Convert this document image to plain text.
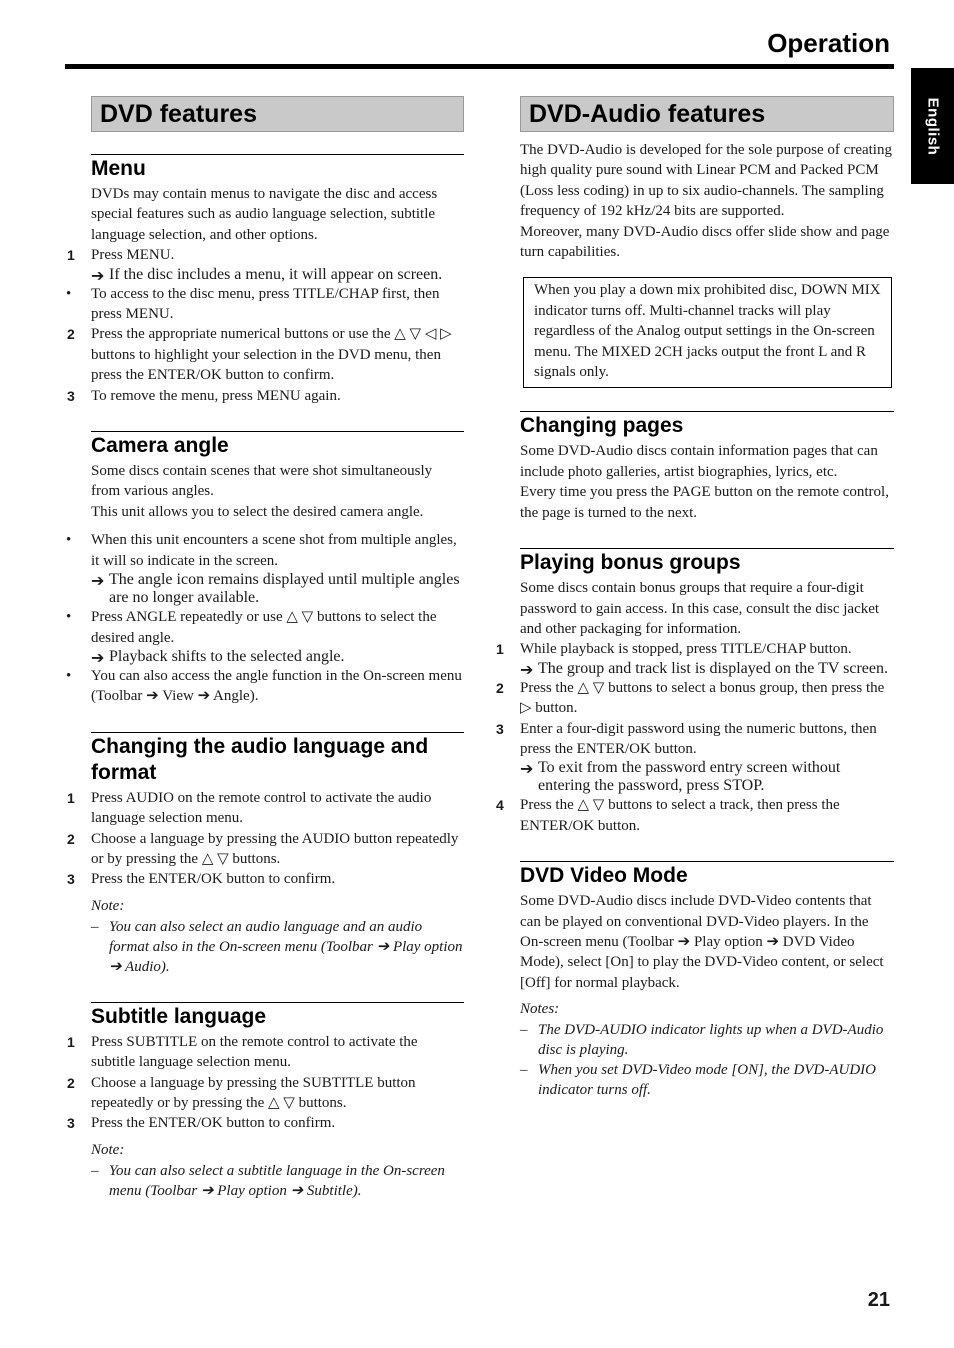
Operation
English
DVD features
Menu

DVDs may contain menus to navigate the disc and access special features such as audio language selection, subtitle language selection, and other options.

1 Press MENU.
➔ If the disc includes a menu, it will appear on screen.
• To access to the disc menu, press TITLE/CHAP first, then press MENU.
2 Press the appropriate numerical buttons or use the △ ▽ ◁ ▷ buttons to highlight your selection in the DVD menu, then press the ENTER/OK button to confirm.
3 To remove the menu, press MENU again.
Camera angle

Some discs contain scenes that were shot simultaneously from various angles.

This unit allows you to select the desired camera angle.

• When this unit encounters a scene shot from multiple angles, it will so indicate in the screen.
➔ The angle icon remains displayed until multiple angles are no longer available.
• Press ANGLE repeatedly or use △ ▽ buttons to select the desired angle.
➔ Playback shifts to the selected angle.
• You can also access the angle function in the On-screen menu (Toolbar ➔ View ➔ Angle).
Changing the audio language and format
1 Press AUDIO on the remote control to activate the audio language selection menu.
2 Choose a language by pressing the AUDIO button repeatedly or by pressing the △ ▽ buttons.
3 Press the ENTER/OK button to confirm.
Note:
– You can also select an audio language and an audio format also in the On-screen menu (Toolbar ➔ Play option ➔ Audio).
Subtitle language
1 Press SUBTITLE on the remote control to activate the subtitle language selection menu.
2 Choose a language by pressing the SUBTITLE button repeatedly or by pressing the △ ▽ buttons.
3 Press the ENTER/OK button to confirm.
Note:
– You can also select a subtitle language in the On-screen menu (Toolbar ➔ Play option ➔ Subtitle).
DVD-Audio features

The DVD-Audio is developed for the sole purpose of creating high quality pure sound with Linear PCM and Packed PCM (Loss less coding) in up to six audio-channels. The sampling frequency of 192 kHz/24 bits are supported.

Moreover, many DVD-Audio discs offer slide show and page turn capabilities.

When you play a down mix prohibited disc, DOWN MIX indicator turns off. Multi-channel tracks will play regardless of the Analog output settings in the On-screen menu. The MIXED 2CH jacks output the front L and R signals only.
Changing pages

Some DVD-Audio discs contain information pages that can include photo galleries, artist biographies, lyrics, etc.

Every time you press the PAGE button on the remote control, the page is turned to the next.

Playing bonus groups

Some discs contain bonus groups that require a four-digit password to gain access. In this case, consult the disc jacket and other packaging for information.

1 While playback is stopped, press TITLE/CHAP button.
➔ The group and track list is displayed on the TV screen.
2 Press the △ ▽ buttons to select a bonus group, then press the ▷ button.
3 Enter a four-digit password using the numeric buttons, then press the ENTER/OK button.
➔ To exit from the password entry screen without entering the password, press STOP.
4 Press the △ ▽ buttons to select a track, then press the ENTER/OK button.
DVD Video Mode

Some DVD-Audio discs include DVD-Video contents that can be played on conventional DVD-Video players. In the On-screen menu (Toolbar ➔ Play option ➔ DVD Video Mode), select [On] to play the DVD-Video content, or select [Off] for normal playback.

Notes:
– The DVD-AUDIO indicator lights up when a DVD-Audio disc is playing.
– When you set DVD-Video mode [ON], the DVD-AUDIO indicator turns off.
21
